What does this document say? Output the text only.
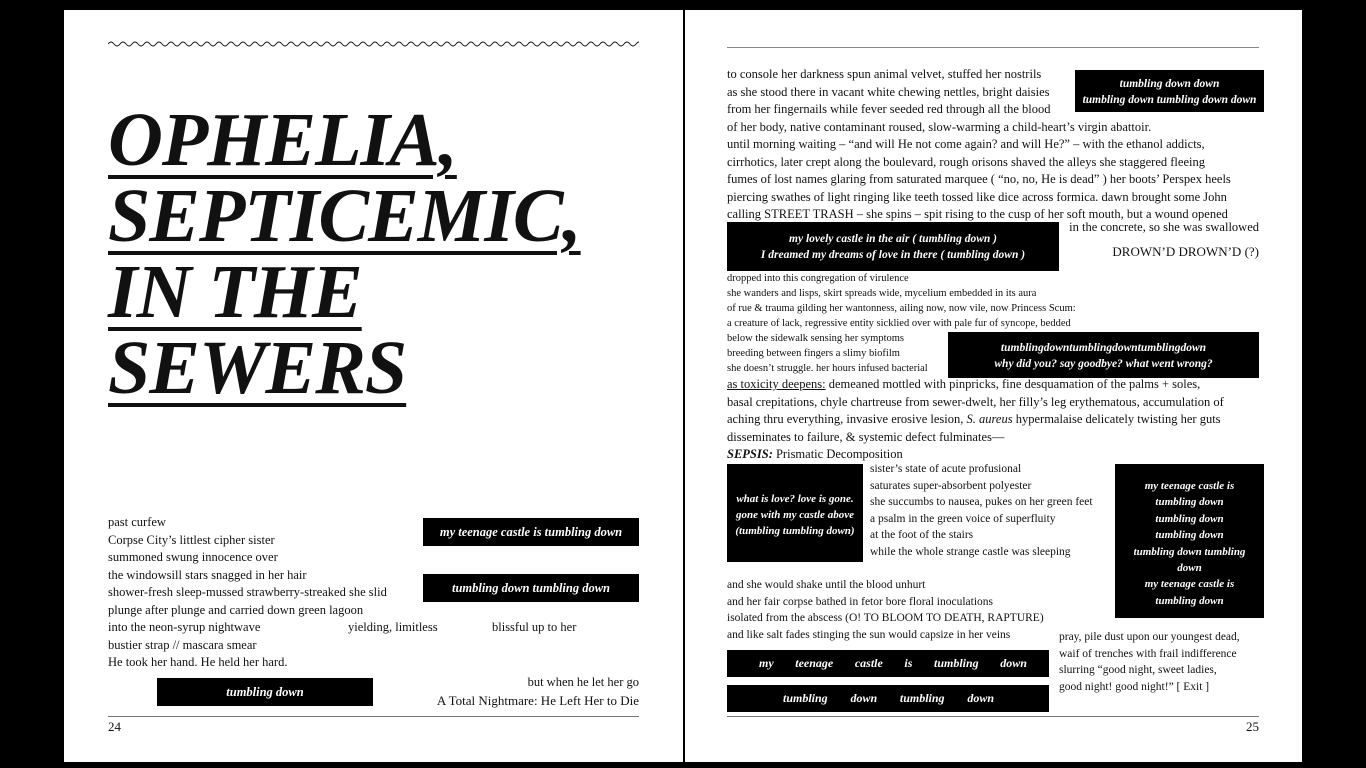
OPHELIA,
SEPTICEMIC,
IN THE
SEWERS
past curfew
Corpse City’s littlest cipher sister
summoned swung innocence over
the windowsill stars snagged in her hair
shower-fresh sleep-mussed strawberry-streaked she slid
plunge after plunge and carried down green lagoon
into the neon-syrup nightwave
bustier strap // mascara smear
He took her hand. He held her hard.
yielding, limitless	blissful up to her
my teenage castle is tumbling down
tumbling down tumbling down
tumbling down
but when he let her go
A Total Nightmare: He Left Her to Die
24
to console her darkness spun animal velvet, stuffed her nostrils
as she stood there in vacant white chewing nettles, bright daisies
from her fingernails while fever seeded red through all the blood
of her body, native contaminant roused, slow-warming a child-heart’s virgin abattoir.
until morning waiting – “and will He not come again? and will He?” – with the ethanol addicts,
cirrhotics, later crept along the boulevard, rough orisons shaved the alleys she staggered fleeing
fumes of lost names glaring from saturated marquee ( “no, no, He is dead” ) her boots’ Perspex heels
piercing swathes of light ringing like teeth tossed like dice across formica. dawn brought some John
calling STREET TRASH – she spins – spit rising to the cusp of her soft mouth, but a wound opened
tumbling down down
tumbling down tumbling down down
my lovely castle in the air ( tumbling down )
I dreamed my dreams of love in there ( tumbling down )
in the concrete, so she was swallowed
DROWN’D DROWN’D (?)
dropped into this congregation of virulence
she wanders and lisps, skirt spreads wide, mycelium embedded in its aura
of rue & trauma gilding her wantonness, ailing now, now vile, now Princess Scum:
a creature of lack, regressive entity sicklied over with pale fur of syncope, bedded
below the sidewalk sensing her symptoms
breeding between fingers a slimy biofilm
she doesn’t struggle. her hours infused bacterial
tumblingdowntumblingdowntumblingdown
why did you? say goodbye? what went wrong?
as toxicity deepens: demeaned mottled with pinpricks, fine desquamation of the palms + soles,
basal crepitations, chyle chartreuse from sewer-dwelt, her filly’s leg erythematous, accumulation of
aching thru everything, invasive erosive lesion, S. aureus hypermalaise delicately twisting her guts
disseminates to failure, & systemic defect fulminates—
SEPSIS: Prismatic Decomposition
what is love? love is gone.
gone with my castle above
(tumbling tumbling down)
sister’s state of acute profusional
saturates super-absorbent polyester
she succumbs to nausea, pukes on her green feet
a psalm in the green voice of superfluity
at the foot of the stairs
while the whole strange castle was sleeping
my teenage castle is
tumbling down
tumbling down
tumbling down
tumbling down tumbling
down
my teenage castle is
tumbling down
and she would shake until the blood unhurt
and her fair corpse bathed in fetor bore floral inoculations
isolated from the abscess (O! TO BLOOM TO DEATH, RAPTURE)
and like salt fades stinging the sun would capsize in her veins
my teenage castle is tumbling down
tumbling down tumbling down
pray, pile dust upon our youngest dead,
waif of trenches with frail indifference
slurring “good night, sweet ladies,
good night! good night!” [ Exit ]
25
